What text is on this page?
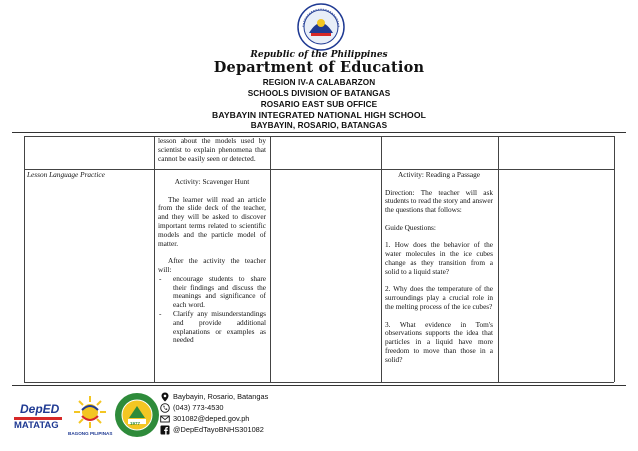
Republic of the Philippines
Department of Education
REGION IV-A CALABARZON
SCHOOLS DIVISION OF BATANGAS
ROSARIO EAST SUB OFFICE
BAYBAYIN INTEGRATED NATIONAL HIGH SCHOOL
BAYBAYIN, ROSARIO, BATANGAS
lesson about the models used by scientist to explain phenomena that cannot be easily seen or detected.
Lesson Language Practice
Activity: Scavenger Hunt
The learner will read an article from the slide deck of the teacher, and they will be asked to discover important terms related to scientific models and the particle model of matter.
After the activity the teacher will:
- encourage students to share their findings and discuss the meanings and significance of each word.
- Clarify any misunderstandings and provide additional explanations or examples as needed
Activity: Reading a Passage
Direction: The teacher will ask students to read the story and answer the questions that follows:
Guide Questions:
1. How does the behavior of the water molecules in the ice cubes change as they transition from a solid to a liquid state?
2. Why does the temperature of the surroundings play a crucial role in the melting process of the ice cubes?
3. What evidence in Tom's observations supports the idea that particles in a liquid have more freedom to move than those in a solid?
DepED
MATATAG
BAGONG PILIPINAS
1977
Baybayin, Rosario, Batangas
(043) 773-4530
301082@deped.gov.ph
@DepEdTayoBNHS301082
